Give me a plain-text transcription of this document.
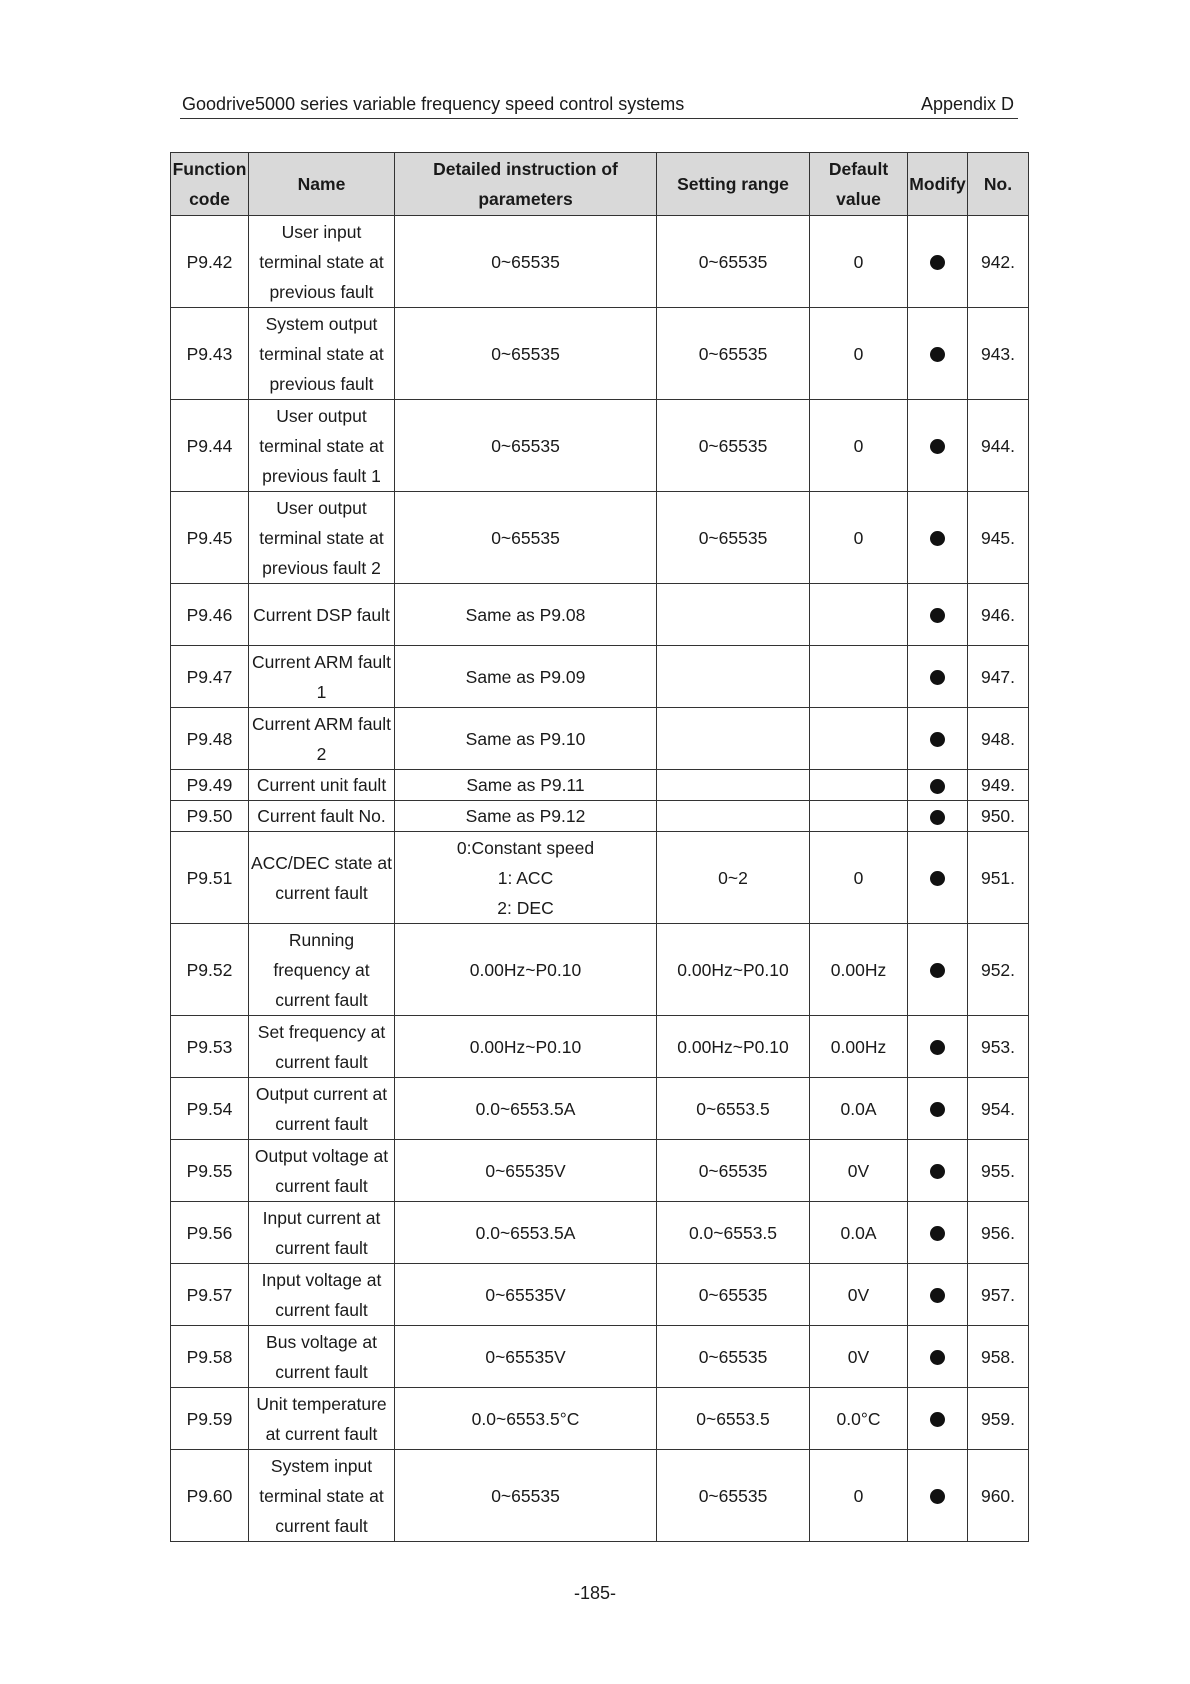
Goodrive5000 series variable frequency speed control systems	Appendix D
Function code	Name	Detailed instruction of parameters	Setting range	Default value	Modify	No.
P9.42	User input terminal state at previous fault	0~65535	0~65535	0		942.
P9.43	System output terminal state at previous fault	0~65535	0~65535	0		943.
P9.44	User output terminal state at previous fault 1	0~65535	0~65535	0		944.
P9.45	User output terminal state at previous fault 2	0~65535	0~65535	0		945.
P9.46	Current DSP fault	Same as P9.08				946.
P9.47	Current ARM fault 1	Same as P9.09				947.
P9.48	Current ARM fault 2	Same as P9.10				948.
P9.49	Current unit fault	Same as P9.11				949.
P9.50	Current fault No.	Same as P9.12				950.
P9.51	ACC/DEC state at current fault	0:Constant speed
1: ACC
2: DEC	0~2	0		951.
P9.52	Running frequency at current fault	0.00Hz~P0.10	0.00Hz~P0.10	0.00Hz		952.
P9.53	Set frequency at current fault	0.00Hz~P0.10	0.00Hz~P0.10	0.00Hz		953.
P9.54	Output current at current fault	0.0~6553.5A	0~6553.5	0.0A		954.
P9.55	Output voltage at current fault	0~65535V	0~65535	0V		955.
P9.56	Input current at current fault	0.0~6553.5A	0.0~6553.5	0.0A		956.
P9.57	Input voltage at current fault	0~65535V	0~65535	0V		957.
P9.58	Bus voltage at current fault	0~65535V	0~65535	0V		958.
P9.59	Unit temperature at current fault	0.0~6553.5°C	0~6553.5	0.0°C		959.
P9.60	System input terminal state at current fault	0~65535	0~65535	0		960.
-185-
